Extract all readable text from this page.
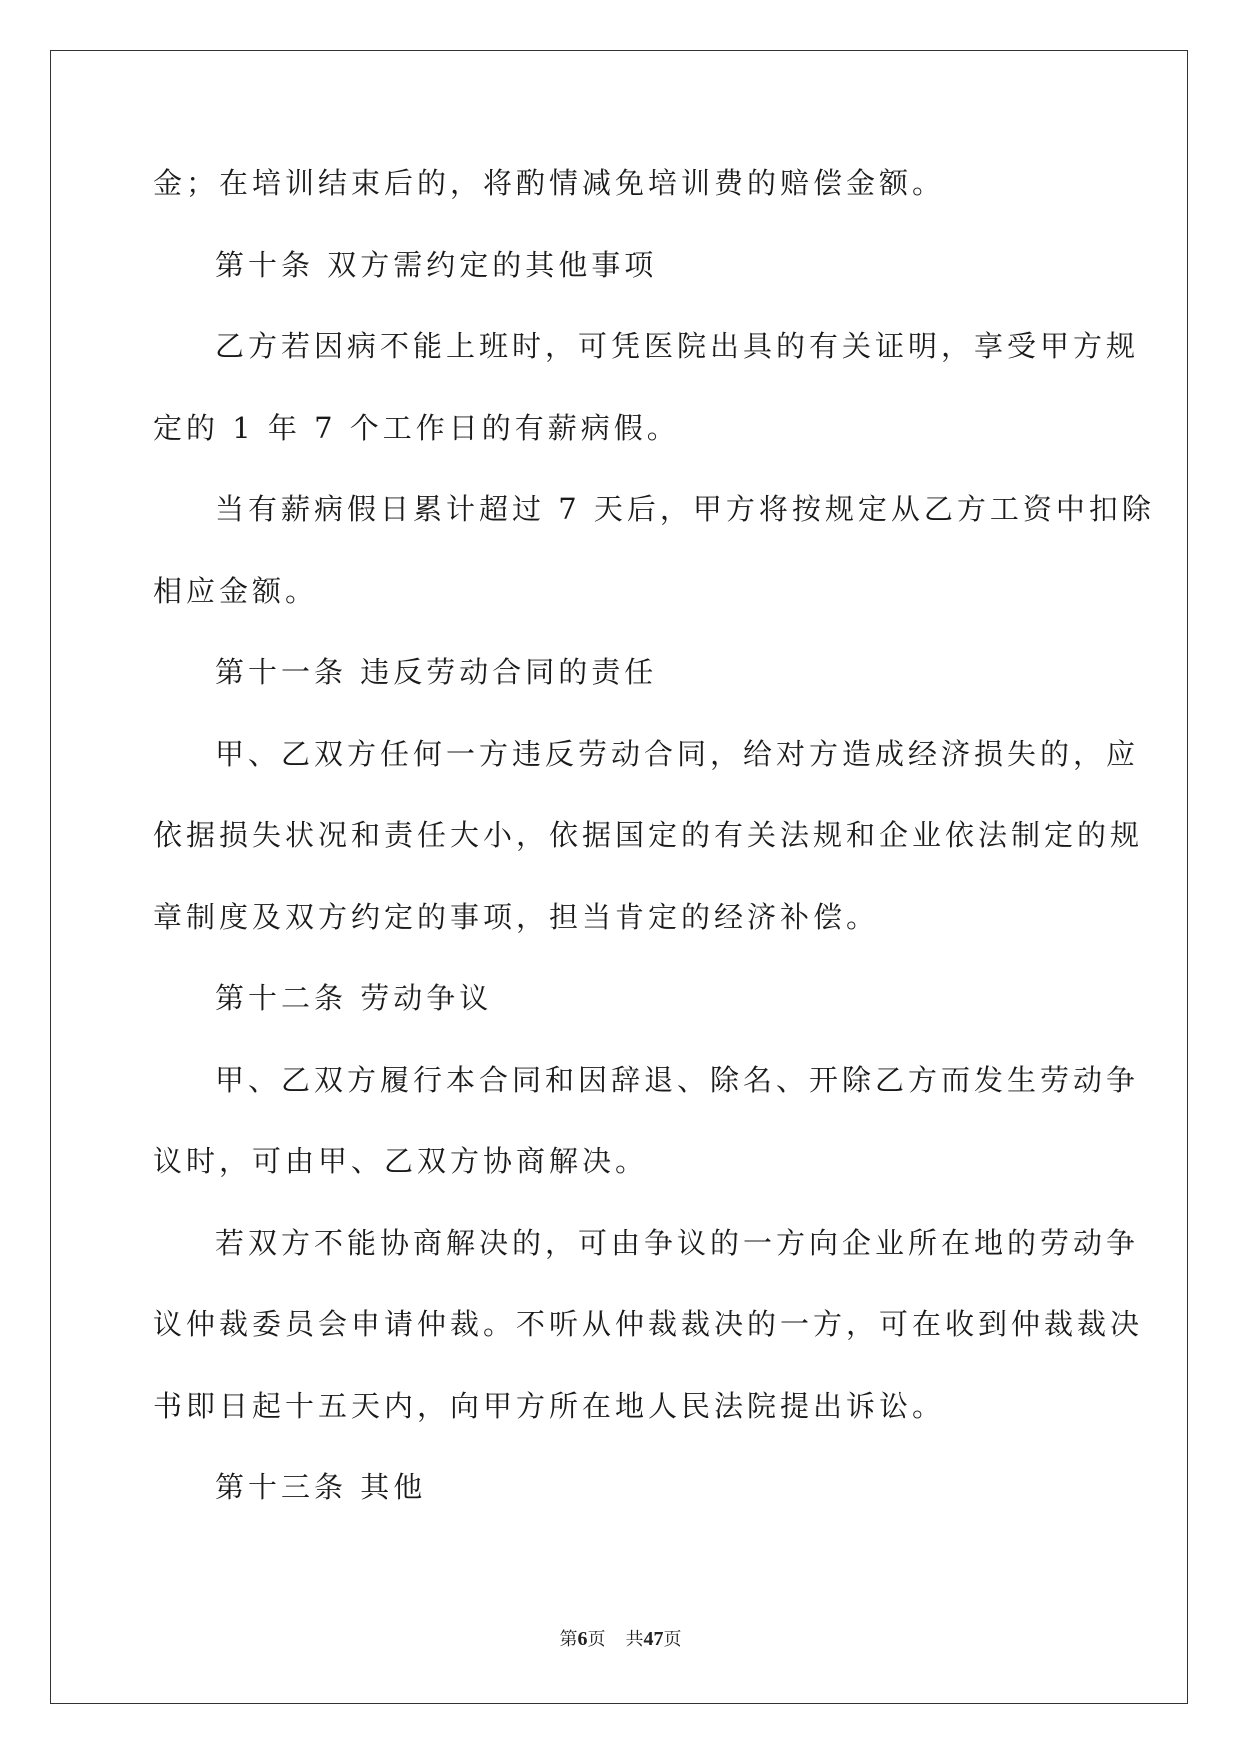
金；在培训结束后的，将酌情减免培训费的赔偿金额。
第十条 双方需约定的其他事项
乙方若因病不能上班时，可凭医院出具的有关证明，享受甲方规
定的 1 年 7 个工作日的有薪病假。
当有薪病假日累计超过 7 天后，甲方将按规定从乙方工资中扣除
相应金额。
第十一条 违反劳动合同的责任
甲、乙双方任何一方违反劳动合同，给对方造成经济损失的，应
依据损失状况和责任大小，依据国定的有关法规和企业依法制定的规
章制度及双方约定的事项，担当肯定的经济补偿。
第十二条 劳动争议
甲、乙双方履行本合同和因辞退、除名、开除乙方而发生劳动争
议时，可由甲、乙双方协商解决。
若双方不能协商解决的，可由争议的一方向企业所在地的劳动争
议仲裁委员会申请仲裁。不听从仲裁裁决的一方，可在收到仲裁裁决
书即日起十五天内，向甲方所在地人民法院提出诉讼。
第十三条 其他
第6页 共47页
